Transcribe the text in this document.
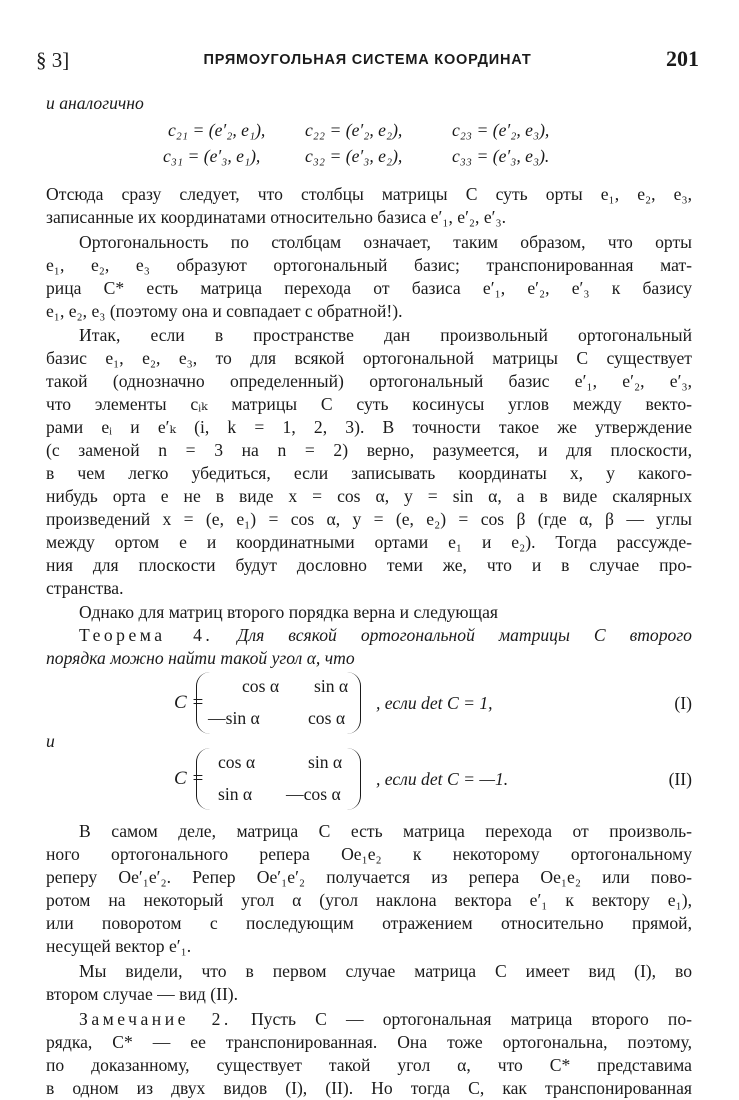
§ 3]	ПРЯМОУГОЛЬНАЯ СИСТЕМА КООРДИНАТ	201
и аналогично
c₂₁ = (e′₂, e₁), c₂₂ = (e′₂, e₂),	c₂₃ = (e′₂, e₃),
c₃₁ = (e′₃, e₁),	c₃₂ = (e′₃, e₂),	c₃₃ = (e′₃, e₃).
Отсюда сразу следует, что столбцы матрицы C суть орты e₁, e₂, e₃,
записанные их координатами относительно базиса e′₁, e′₂, e′₃.
Ортогональность по столбцам означает, таким образом, что орты
e₁, e₂, e₃ образуют ортогональный базис; транспонированная мат-
рица C* есть матрица перехода от базиса e′₁, e′₂, e′₃ к базису
e₁, e₂, e₃ (поэтому она и совпадает с обратной!).
Итак, если в пространстве дан произвольный ортогональный
базис e₁, e₂, e₃, то для всякой ортогональной матрицы C существует
такой (однозначно определенный) ортогональный базис e′₁, e′₂, e′₃,
что элементы cᵢₖ матрицы C суть косинусы углов между векто-
рами eᵢ и e′ₖ (i, k = 1, 2, 3). В точности такое же утверждение
(с заменой n = 3 на n = 2) верно, разумеется, и для плоскости,
в чем легко убедиться, если записывать координаты x, y какого-
нибудь орта e не в виде x = cos α, y = sin α, а в виде скалярных
произведений x = (e, e₁) = cos α, y = (e, e₂) = cos β (где α, β — углы
между ортом e и координатными ортами e₁ и e₂). Тогда рассужде-
ния для плоскости будут дословно теми же, что и в случае про-
странства.
Однако для матриц второго порядка верна и следующая
Теорема 4. Для всякой ортогональной матрицы C второго
порядка можно найти такой угол α, что
C =
cos α sin α
—sin α	cos α
, если det C = 1,	(I)
и
C =
cos α	sin α
sin α —cos α
, если det C = —1.	(II)
В самом деле, матрица C есть матрица перехода от произволь-
ного ортогонального репера Oe₁e₂ к некоторому ортогональному
реперу Oe′₁e′₂. Репер Oe′₁e′₂ получается из репера Oe₁e₂ или пово-
ротом на некоторый угол α (угол наклона вектора e′₁ к вектору e₁),
или поворотом с последующим отражением относительно прямой,
несущей вектор e′₁.
Мы видели, что в первом случае матрица C имеет вид (I), во
втором случае — вид (II).
Замечание 2. Пусть C — ортогональная матрица второго по-
рядка, C* — ее транспонированная. Она тоже ортогональна, поэтому,
по доказанному, существует такой угол α, что C* представима
в одном из двух видов (I), (II). Но тогда C, как транспонированная
